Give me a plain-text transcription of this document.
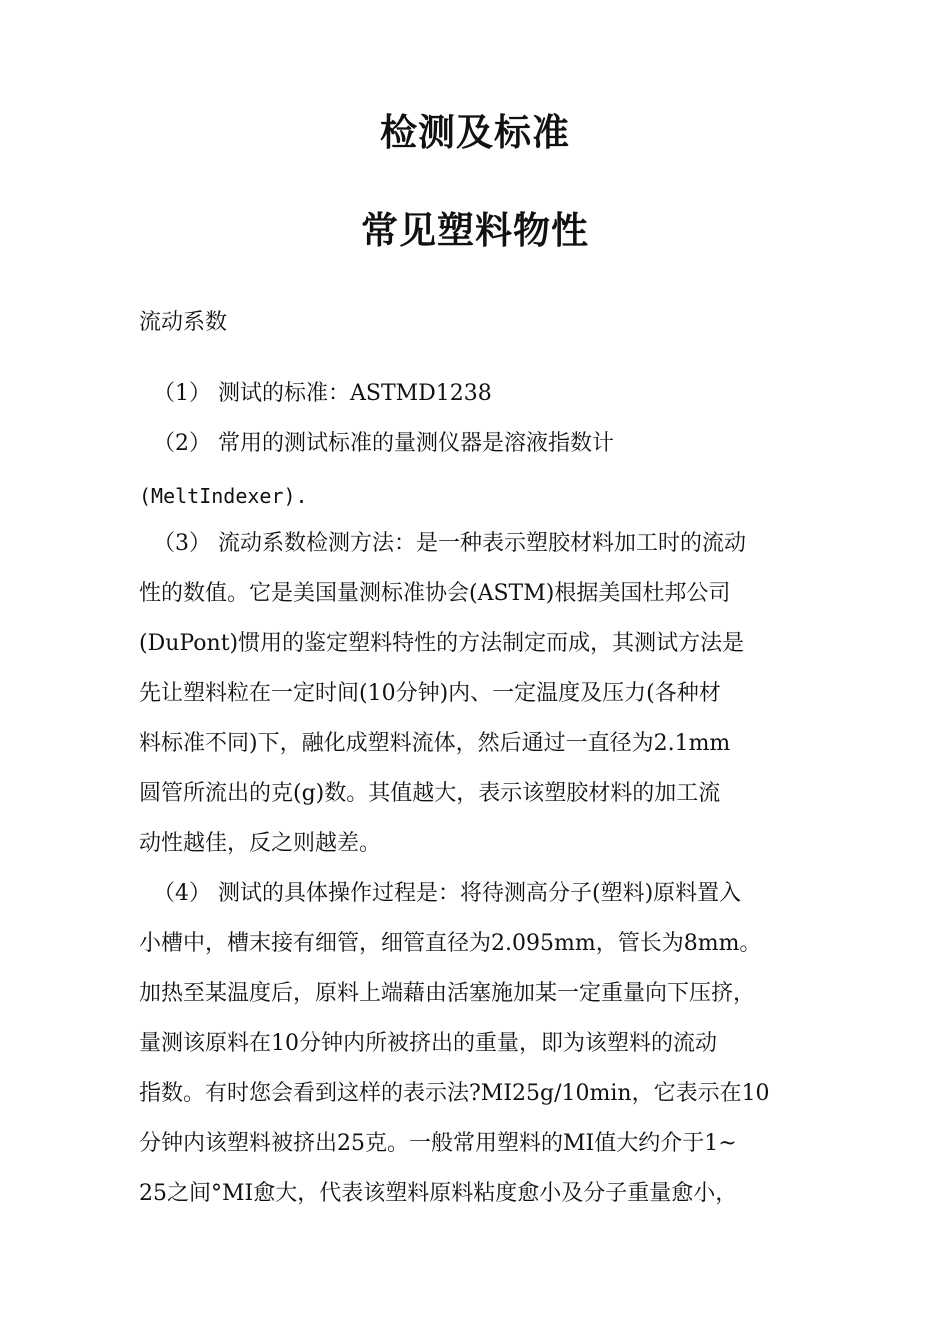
检测及标准
常见塑料物性

流动系数

（1） 测试的标准：ASTMD1238

（2） 常用的测试标准的量测仪器是溶液指数计

(MeltIndexer).

（3） 流动系数检测方法：是一种表示塑胶材料加工时的流动

性的数值。它是美国量测标准协会(ASTM)根据美国杜邦公司

(DuPont)惯用的鉴定塑料特性的方法制定而成，其测试方法是

先让塑料粒在一定时间(10分钟)内、一定温度及压力(各种材

料标准不同)下，融化成塑料流体，然后通过一直径为2.1mm

圆管所流出的克(g)数。其值越大，表示该塑胶材料的加工流

动性越佳，反之则越差。

（4） 测试的具体操作过程是：将待测高分子(塑料)原料置入

小槽中，槽末接有细管，细管直径为2.095mm，管长为8mm。

加热至某温度后，原料上端藉由活塞施加某一定重量向下压挤，

量测该原料在10分钟内所被挤出的重量，即为该塑料的流动

指数。有时您会看到这样的表示法?MI25g/10min，它表示在10

分钟内该塑料被挤出25克。一般常用塑料的MI值大约介于1~

25之间°MI愈大，代表该塑料原料粘度愈小及分子重量愈小，
